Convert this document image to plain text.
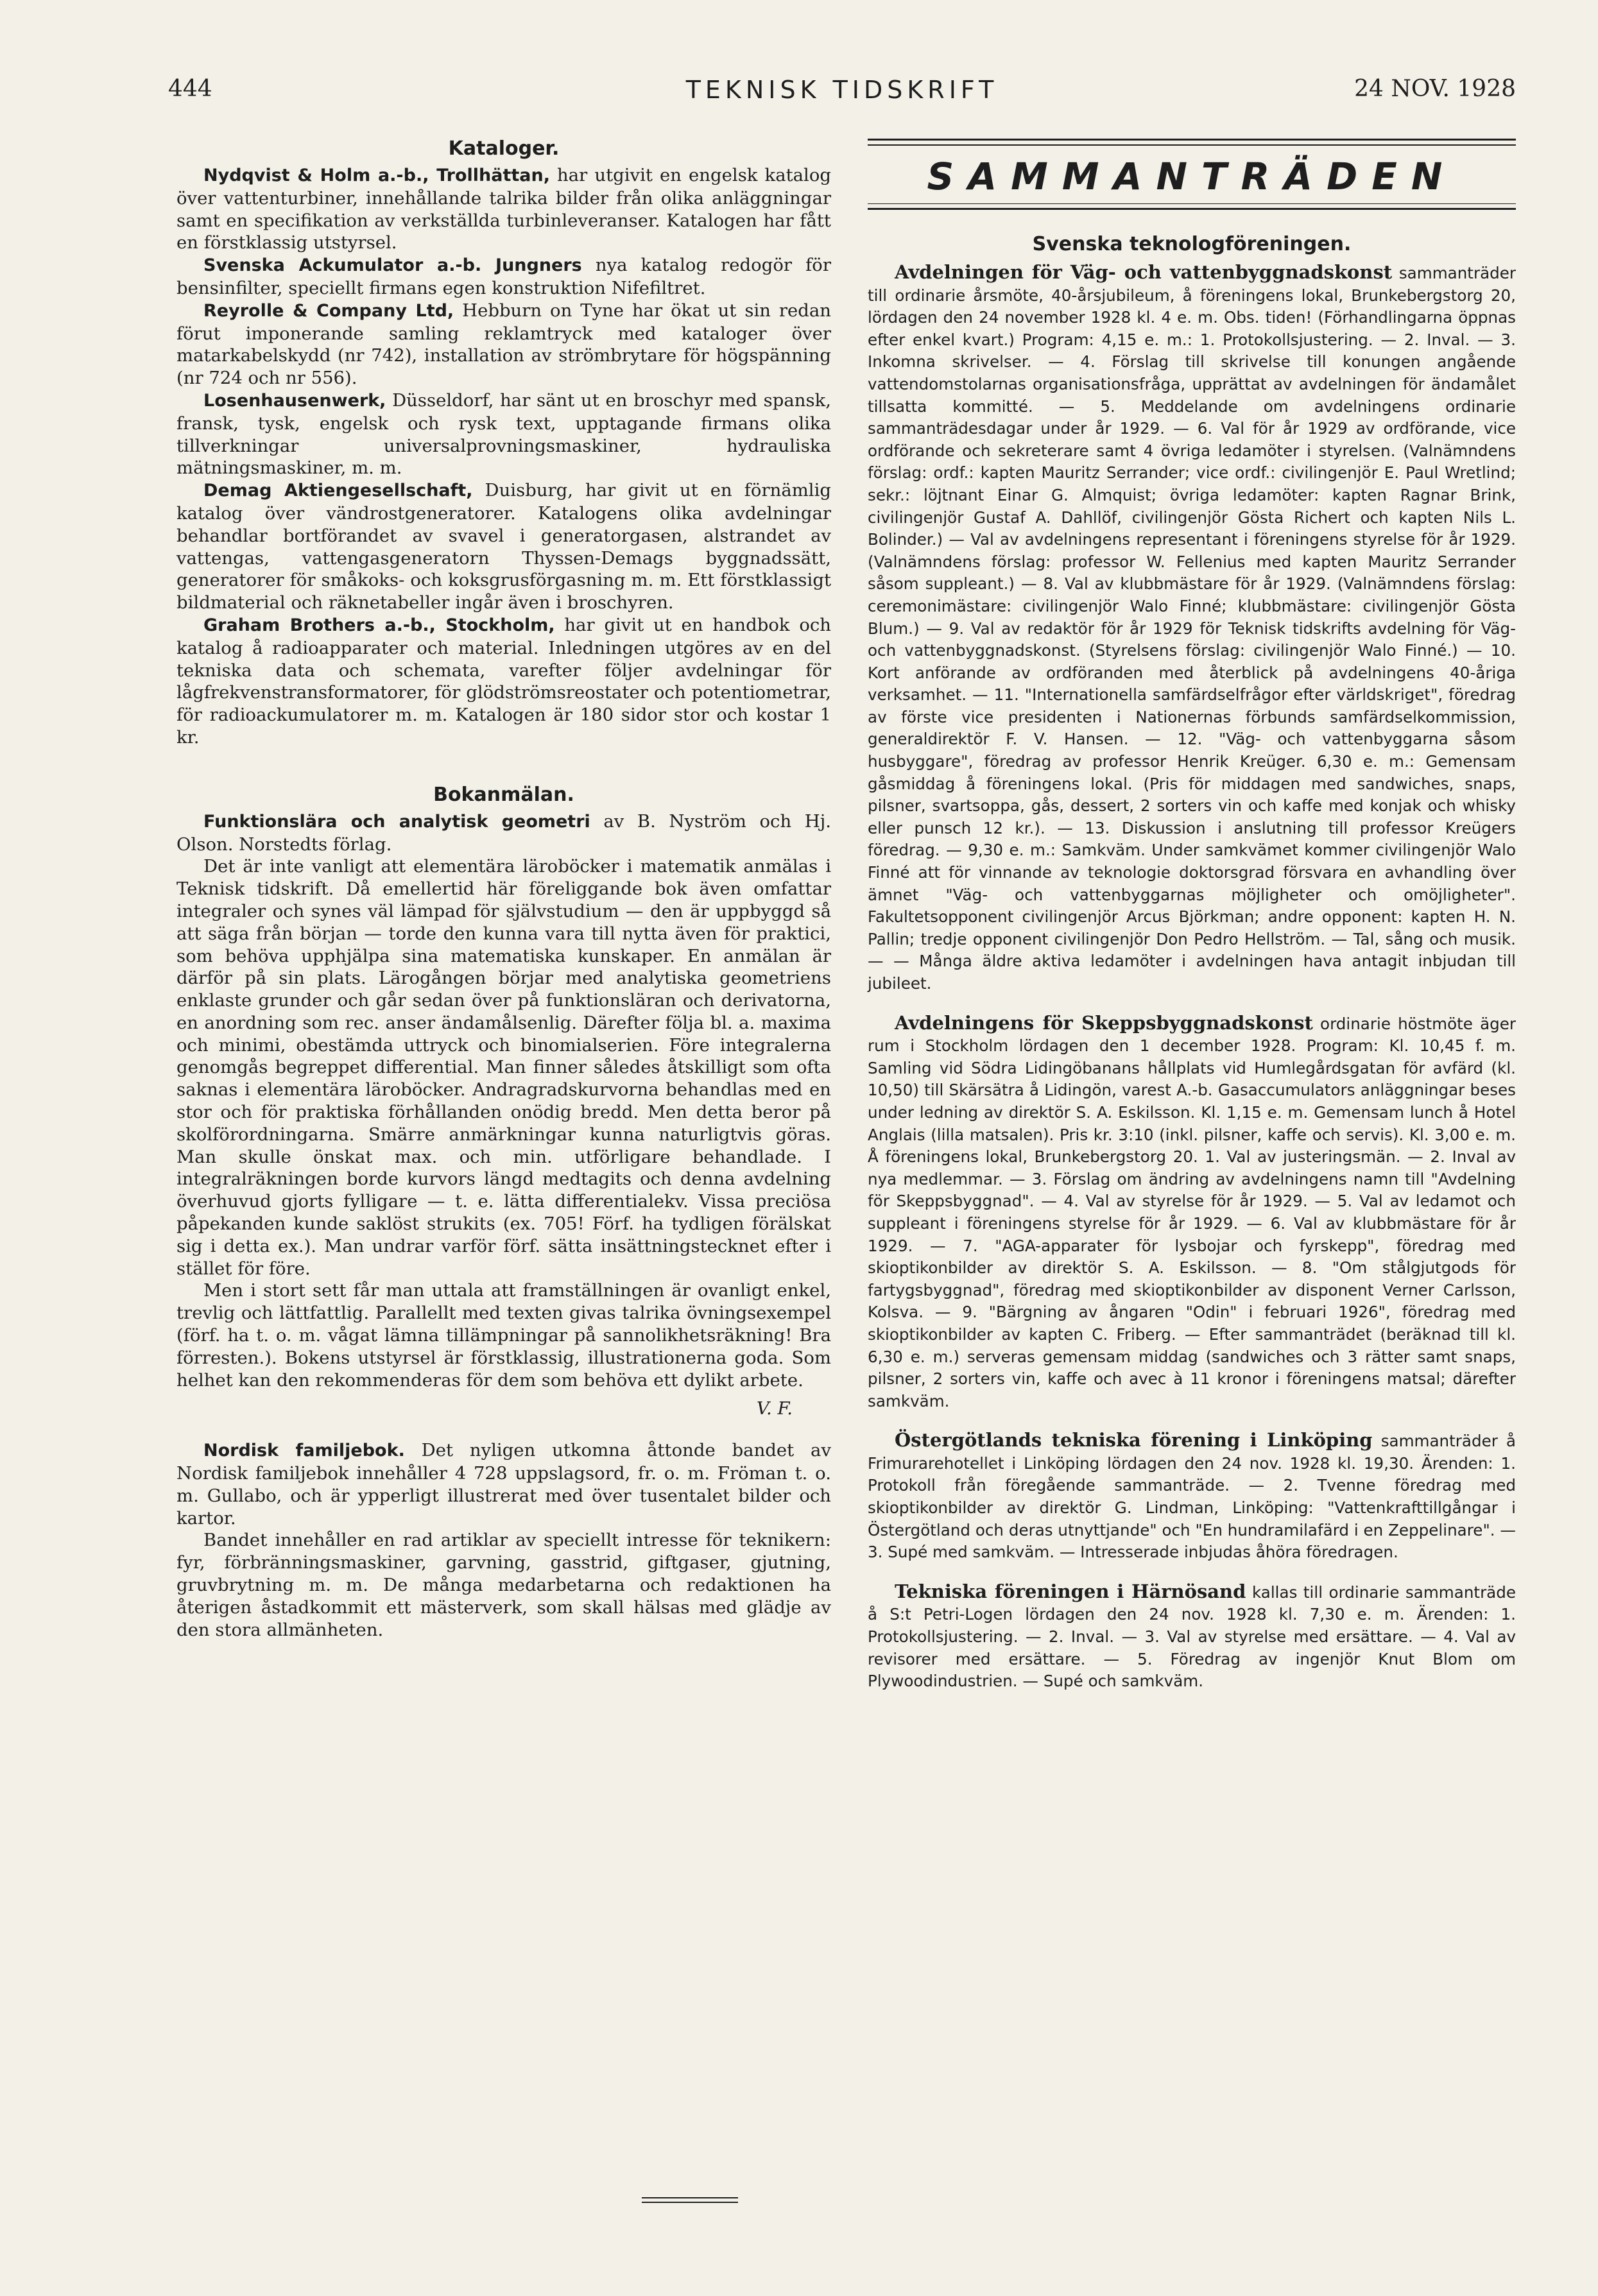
444	TEKNISK TIDSKRIFT	24 NOV. 1928
Kataloger.

Nydqvist & Holm a.-b., Trollhättan, har utgivit en engelsk katalog över vattenturbiner, innehållande talrika bilder från olika anläggningar samt en specifikation av verkställda turbinleveranser. Katalogen har fått en förstklassig utstyrsel.

Svenska Ackumulator a.-b. Jungners nya katalog redogör för bensinfilter, speciellt firmans egen konstruktion Nifefiltret.

Reyrolle & Company Ltd, Hebburn on Tyne har ökat ut sin redan förut imponerande samling reklamtryck med kataloger över matarkabelskydd (nr 742), installation av strömbrytare för högspänning (nr 724 och nr 556).

Losenhausenwerk, Düsseldorf, har sänt ut en broschyr med spansk, fransk, tysk, engelsk och rysk text, upptagande firmans olika tillverkningar universalprovningsmaskiner, hydrauliska mätningsmaskiner, m. m.

Demag Aktiengesellschaft, Duisburg, har givit ut en förnämlig katalog över vändrostgeneratorer. Katalogens olika avdelningar behandlar bortförandet av svavel i generatorgasen, alstrandet av vattengas, vattengasgeneratorn Thyssen-Demags byggnadssätt, generatorer för småkoks- och koksgrusförgasning m. m. Ett förstklassigt bildmaterial och räknetabeller ingår även i broschyren.

Graham Brothers a.-b., Stockholm, har givit ut en handbok och katalog å radioapparater och material. Inledningen utgöres av en del tekniska data och schemata, varefter följer avdelningar för lågfrekvenstransformatorer, för glödströmsreostater och potentiometrar, för radioackumulatorer m. m. Katalogen är 180 sidor stor och kostar 1 kr.

Bokanmälan.

Funktionslära och analytisk geometri av B. Nyström och Hj. Olson. Norstedts förlag.

Det är inte vanligt att elementära läroböcker i matematik anmälas i Teknisk tidskrift. Då emellertid här föreliggande bok även omfattar integraler och synes väl lämpad för självstudium — den är uppbyggd så att säga från början — torde den kunna vara till nytta även för praktici, som behöva upphjälpa sina matematiska kunskaper. En anmälan är därför på sin plats. Lärogången börjar med analytiska geometriens enklaste grunder och går sedan över på funktionsläran och derivatorna, en anordning som rec. anser ändamålsenlig. Därefter följa bl. a. maxima och minimi, obestämda uttryck och binomialserien. Före integralerna genomgås begreppet differential. Man finner således åtskilligt som ofta saknas i elementära läroböcker. Andragradskurvorna behandlas med en stor och för praktiska förhållanden onödig bredd. Men detta beror på skolförordningarna. Smärre anmärkningar kunna naturligtvis göras. Man skulle önskat max. och min. utförligare behandlade. I integralräkningen borde kurvors längd medtagits och denna avdelning överhuvud gjorts fylligare — t. e. lätta differentialekv. Vissa preciösa påpekanden kunde saklöst strukits (ex. 705! Förf. ha tydligen förälskat sig i detta ex.). Man undrar varför förf. sätta insättningstecknet efter i stället för före.

Men i stort sett får man uttala att framställningen är ovanligt enkel, trevlig och lättfattlig. Parallellt med texten givas talrika övningsexempel (förf. ha t. o. m. vågat lämna tillämpningar på sannolikhetsräkning! Bra förresten.). Bokens utstyrsel är förstklassig, illustrationerna goda. Som helhet kan den rekommenderas för dem som behöva ett dylikt arbete.

V. F.

Nordisk familjebok. Det nyligen utkomna åttonde bandet av Nordisk familjebok innehåller 4 728 uppslagsord, fr. o. m. Fröman t. o. m. Gullabo, och är ypperligt illustrerat med över tusentalet bilder och kartor.

Bandet innehåller en rad artiklar av speciellt intresse för teknikern: fyr, förbränningsmaskiner, garvning, gasstrid, giftgaser, gjutning, gruvbrytning m. m. De många medarbetarna och redaktionen ha återigen åstadkommit ett mästerverk, som skall hälsas med glädje av den stora allmänheten.

SAMMANTRÄDEN
Svenska teknologföreningen.

Avdelningen för Väg- och vattenbyggnadskonst sammanträder till ordinarie årsmöte, 40-årsjubileum, å föreningens lokal, Brunkebergstorg 20, lördagen den 24 november 1928 kl. 4 e. m. Obs. tiden! (Förhandlingarna öppnas efter enkel kvart.) Program: 4,15 e. m.: 1. Protokollsjustering. — 2. Inval. — 3. Inkomna skrivelser. — 4. Förslag till skrivelse till konungen angående vattendomstolarnas organisationsfråga, upprättat av avdelningen för ändamålet tillsatta kommitté. — 5. Meddelande om avdelningens ordinarie sammanträdesdagar under år 1929. — 6. Val för år 1929 av ordförande, vice ordförande och sekreterare samt 4 övriga ledamöter i styrelsen. (Valnämndens förslag: ordf.: kapten Mauritz Serrander; vice ordf.: civilingenjör E. Paul Wretlind; sekr.: löjtnant Einar G. Almquist; övriga ledamöter: kapten Ragnar Brink, civilingenjör Gustaf A. Dahllöf, civilingenjör Gösta Richert och kapten Nils L. Bolinder.) — Val av avdelningens representant i föreningens styrelse för år 1929. (Valnämndens förslag: professor W. Fellenius med kapten Mauritz Serrander såsom suppleant.) — 8. Val av klubbmästare för år 1929. (Valnämndens förslag: ceremonimästare: civilingenjör Walo Finné; klubbmästare: civilingenjör Gösta Blum.) — 9. Val av redaktör för år 1929 för Teknisk tidskrifts avdelning för Väg- och vattenbyggnadskonst. (Styrelsens förslag: civilingenjör Walo Finné.) — 10. Kort anförande av ordföranden med återblick på avdelningens 40-åriga verksamhet. — 11. "Internationella samfärdselfrågor efter världskriget", föredrag av förste vice presidenten i Nationernas förbunds samfärdselkommission, generaldirektör F. V. Hansen. — 12. "Väg- och vattenbyggarna såsom husbyggare", föredrag av professor Henrik Kreüger. 6,30 e. m.: Gemensam gåsmiddag å föreningens lokal. (Pris för middagen med sandwiches, snaps, pilsner, svartsoppa, gås, dessert, 2 sorters vin och kaffe med konjak och whisky eller punsch 12 kr.). — 13. Diskussion i anslutning till professor Kreügers föredrag. — 9,30 e. m.: Samkväm. Under samkvämet kommer civilingenjör Walo Finné att för vinnande av teknologie doktorsgrad försvara en avhandling över ämnet "Väg- och vattenbyggarnas möjligheter och omöjligheter". Fakultetsopponent civilingenjör Arcus Björkman; andre opponent: kapten H. N. Pallin; tredje opponent civilingenjör Don Pedro Hellström. — Tal, sång och musik. — — Många äldre aktiva ledamöter i avdelningen hava antagit inbjudan till jubileet.

Avdelningens för Skeppsbyggnadskonst ordinarie höstmöte äger rum i Stockholm lördagen den 1 december 1928. Program: Kl. 10,45 f. m. Samling vid Södra Lidingöbanans hållplats vid Humlegårdsgatan för avfärd (kl. 10,50) till Skärsätra å Lidingön, varest A.-b. Gasaccumulators anläggningar beses under ledning av direktör S. A. Eskilsson. Kl. 1,15 e. m. Gemensam lunch å Hotel Anglais (lilla matsalen). Pris kr. 3:10 (inkl. pilsner, kaffe och servis). Kl. 3,00 e. m. Å föreningens lokal, Brunkebergstorg 20. 1. Val av justeringsmän. — 2. Inval av nya medlemmar. — 3. Förslag om ändring av avdelningens namn till "Avdelning för Skeppsbyggnad". — 4. Val av styrelse för år 1929. — 5. Val av ledamot och suppleant i föreningens styrelse för år 1929. — 6. Val av klubbmästare för år 1929. — 7. "AGA-apparater för lysbojar och fyrskepp", föredrag med skioptikonbilder av direktör S. A. Eskilsson. — 8. "Om stålgjutgods för fartygsbyggnad", föredrag med skioptikonbilder av disponent Verner Carlsson, Kolsva. — 9. "Bärgning av ångaren "Odin" i februari 1926", föredrag med skioptikonbilder av kapten C. Friberg. — Efter sammanträdet (beräknad till kl. 6,30 e. m.) serveras gemensam middag (sandwiches och 3 rätter samt snaps, pilsner, 2 sorters vin, kaffe och avec à 11 kronor i föreningens matsal; därefter samkväm.

Östergötlands tekniska förening i Linköping sammanträder å Frimurarehotellet i Linköping lördagen den 24 nov. 1928 kl. 19,30. Ärenden: 1. Protokoll från föregående sammanträde. — 2. Tvenne föredrag med skioptikonbilder av direktör G. Lindman, Linköping: "Vattenkrafttillgångar i Östergötland och deras utnyttjande" och "En hundramilafärd i en Zeppelinare". — 3. Supé med samkväm. — Intresserade inbjudas åhöra föredragen.

Tekniska föreningen i Härnösand kallas till ordinarie sammanträde å S:t Petri-Logen lördagen den 24 nov. 1928 kl. 7,30 e. m. Ärenden: 1. Protokollsjustering. — 2. Inval. — 3. Val av styrelse med ersättare. — 4. Val av revisorer med ersättare. — 5. Föredrag av ingenjör Knut Blom om Plywoodindustrien. — Supé och samkväm.
